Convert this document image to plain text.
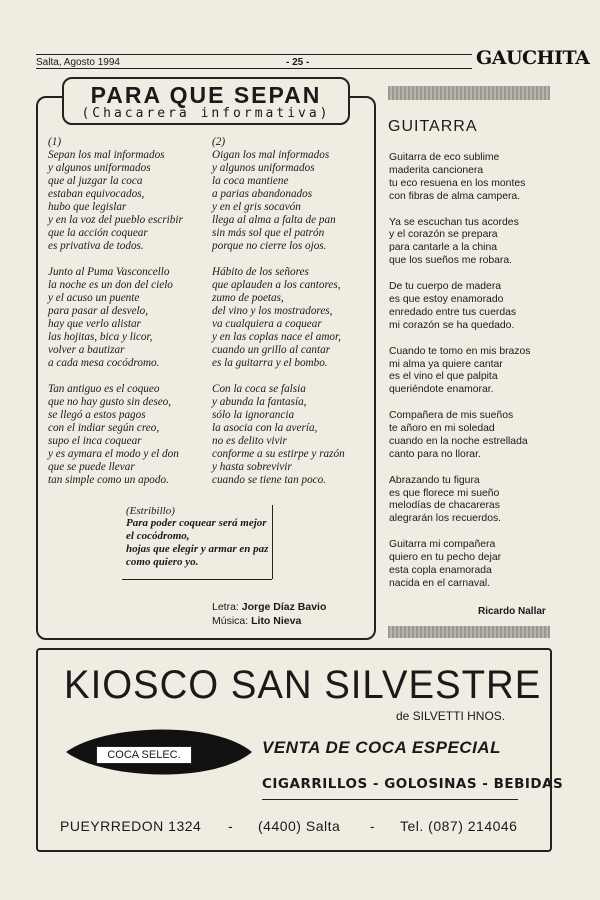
Salta, Agosto 1994	- 25 -	GAUCHITA
PARA QUE SEPAN
(Chacarera informativa)
(1)
Sepan los mal informados
y algunos uniformados
que al juzgar la coca
estaban equivocados,
hubo que legislar
y en la voz del pueblo escribir
que la acción coquear
es privativa de todos.

Junto al Puma Vasconcello
la noche es un don del cielo
y el acuso un puente
para pasar al desvelo,
hay que verlo alistar
las hojitas, bica y licor,
volver a bautizar
a cada mesa cocódromo.

Tan antiguo es el coqueo
que no hay gusto sin deseo,
se llegó a estos pagos
con el indiar según creo,
supo el inca coquear
y es aymara el modo y el don
que se puede llevar
tan simple como un apodo.
(2)
Oigan los mal informados
y algunos uniformados
la coca mantiene
a parias abandonados
y en el gris socavón
llega al alma a falta de pan
sin más sol que el patrón
porque no cierre los ojos.

Hábito de los señores
que aplauden a los cantores,
zumo de poetas,
del vino y los mostradores,
va cualquiera a coquear
y en las coplas nace el amor,
cuando un grillo al cantar
es la guitarra y el bombo.

Con la coca se falsia
y abunda la fantasía,
sólo la ignorancia
la asocia con la avería,
no es delito vivir
conforme a su estirpe y razón
y hasta sobrevivir
cuando se tiene tan poco.
(Estribillo)
Para poder coquear será mejor
el cocódromo,
hojas que elegir y armar en paz
como quiero yo.
Letra: Jorge Díaz Bavio
Música: Lito Nieva
GUITARRA
Guitarra de eco sublime
maderita cancionera
tu eco resuena en los montes
con fibras de alma campera.

Ya se escuchan tus acordes
y el corazón se prepara
para cantarle a la china
que los sueños me robara.

De tu cuerpo de madera
es que estoy enamorado
enredado entre tus cuerdas
mi corazón se ha quedado.

Cuando te tomo en mis brazos
mi alma ya quiere cantar
es el vino el que palpita
queriéndote enamorar.

Compañera de mis sueños
te añoro en mi soledad
cuando en la noche estrellada
canto para no llorar.

Abrazando tu figura
es que florece mi sueño
melodías de chacareras
alegrarán los recuerdos.

Guitarra mi compañera
quiero en tu pecho dejar
esta copla enamorada
nacida en el carnaval.
Ricardo Nallar
KIOSCO SAN SILVESTRE
de SILVETTI HNOS.
COCA SELEC.	VENTA DE COCA ESPECIAL
CIGARRILLOS - GOLOSINAS - BEBIDAS
PUEYRREDON 1324 - (4400) Salta - Tel. (087) 214046
